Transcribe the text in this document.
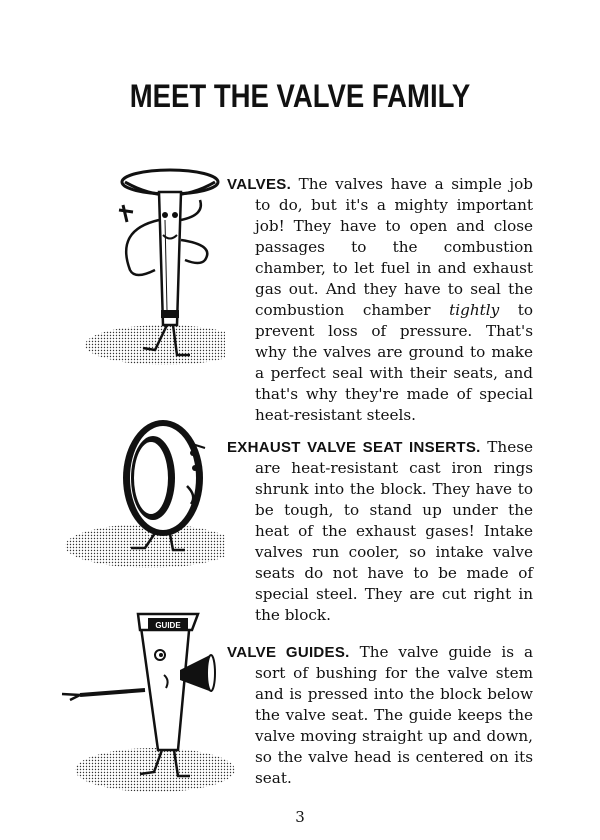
MEET THE VALVE FAMILY

VALVES. The valves have a simple job to do, but it's a mighty important job! They have to open and close passages to the combustion chamber, to let fuel in and exhaust gas out. And they have to seal the combustion chamber tightly to prevent loss of pressure. That's why the valves are ground to make a perfect seal with their seats, and that's why they're made of special heat-resistant steels.

EXHAUST VALVE SEAT INSERTS. These are heat-resistant cast iron rings shrunk into the block. They have to be tough, to stand up under the heat of the exhaust gases! Intake valves run cooler, so intake valve seats do not have to be made of special steel. They are cut right in the block.

GUIDE

VALVE GUIDES. The valve guide is a sort of bushing for the valve stem and is pressed into the block below the valve seat. The guide keeps the valve moving straight up and down, so the valve head is centered on its seat.

3
